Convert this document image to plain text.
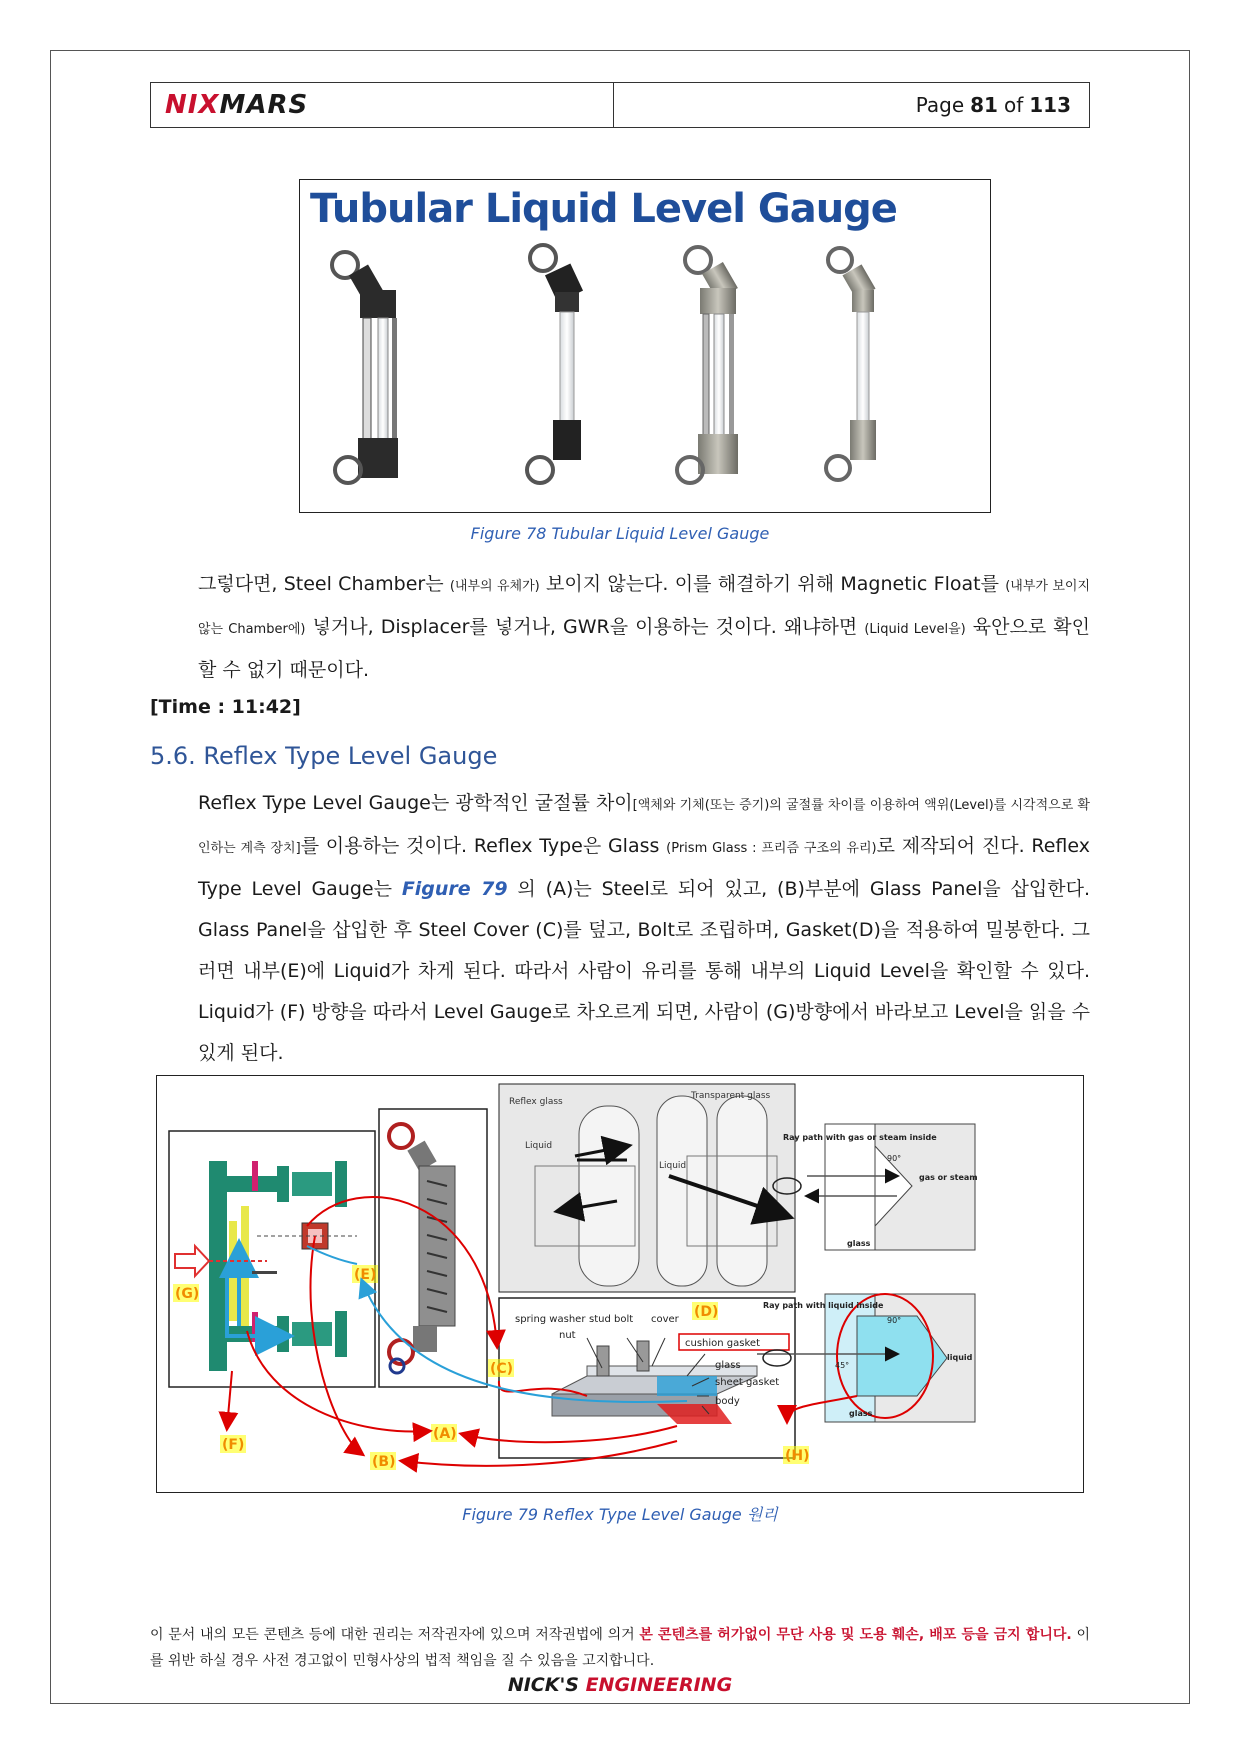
NIXMARS	Page 81 of 113
Tubular Liquid Level Gauge
Figure 78 Tubular Liquid Level Gauge
그렇다면, Steel Chamber는 (내부의 유체가) 보이지 않는다. 이를 해결하기 위해 Magnetic Float를 (내부가 보이지 않는 Chamber에) 넣거나, Displacer를 넣거나, GWR을 이용하는 것이다. 왜냐하면 (Liquid Level을) 육안으로 확인할 수 없기 때문이다.
[Time : 11:42]
5.6. Reflex Type Level Gauge
Reflex Type Level Gauge는 광학적인 굴절률 차이[액체와 기체(또는 증기)의 굴절률 차이를 이용하여 액위(Level)를 시각적으로 확인하는 계측 장치]를 이용하는 것이다. Reflex Type은 Glass (Prism Glass : 프리즘 구조의 유리)로 제작되어 진다. Reflex Type Level Gauge는 Figure 79 의 (A)는 Steel로 되어 있고, (B)부분에 Glass Panel을 삽입한다. Glass Panel을 삽입한 후 Steel Cover (C)를 덮고, Bolt로 조립하며, Gasket(D)을 적용하여 밀봉한다. 그러면 내부(E)에 Liquid가 차게 된다. 따라서 사람이 유리를 통해 내부의 Liquid Level을 확인할 수 있다. Liquid가 (F) 방향을 따라서 Level Gauge로 차오르게 되면, 사람이 (G)방향에서 바라보고 Level을 읽을 수 있게 된다.
Reflex glass
Transparent glass
Liquid
Liquid
spring washer stud bolt cover
nut
cushion gasket
glass
sheet gasket
body
Ray path with gas or steam inside
90°
gas or steam
glass
Ray path with liquid inside
90°
45°
liquid
glass
Figure 79 Reflex Type Level Gauge 원리
이 문서 내의 모든 콘텐츠 등에 대한 권리는 저작권자에 있으며 저작권법에 의거 본 콘텐츠를 허가없이 무단 사용 및 도용 훼손, 배포 등을 금지 합니다. 이를 위반 하실 경우 사전 경고없이 민형사상의 법적 책임을 질 수 있음을 고지합니다.
NICK'S ENGINEERING
